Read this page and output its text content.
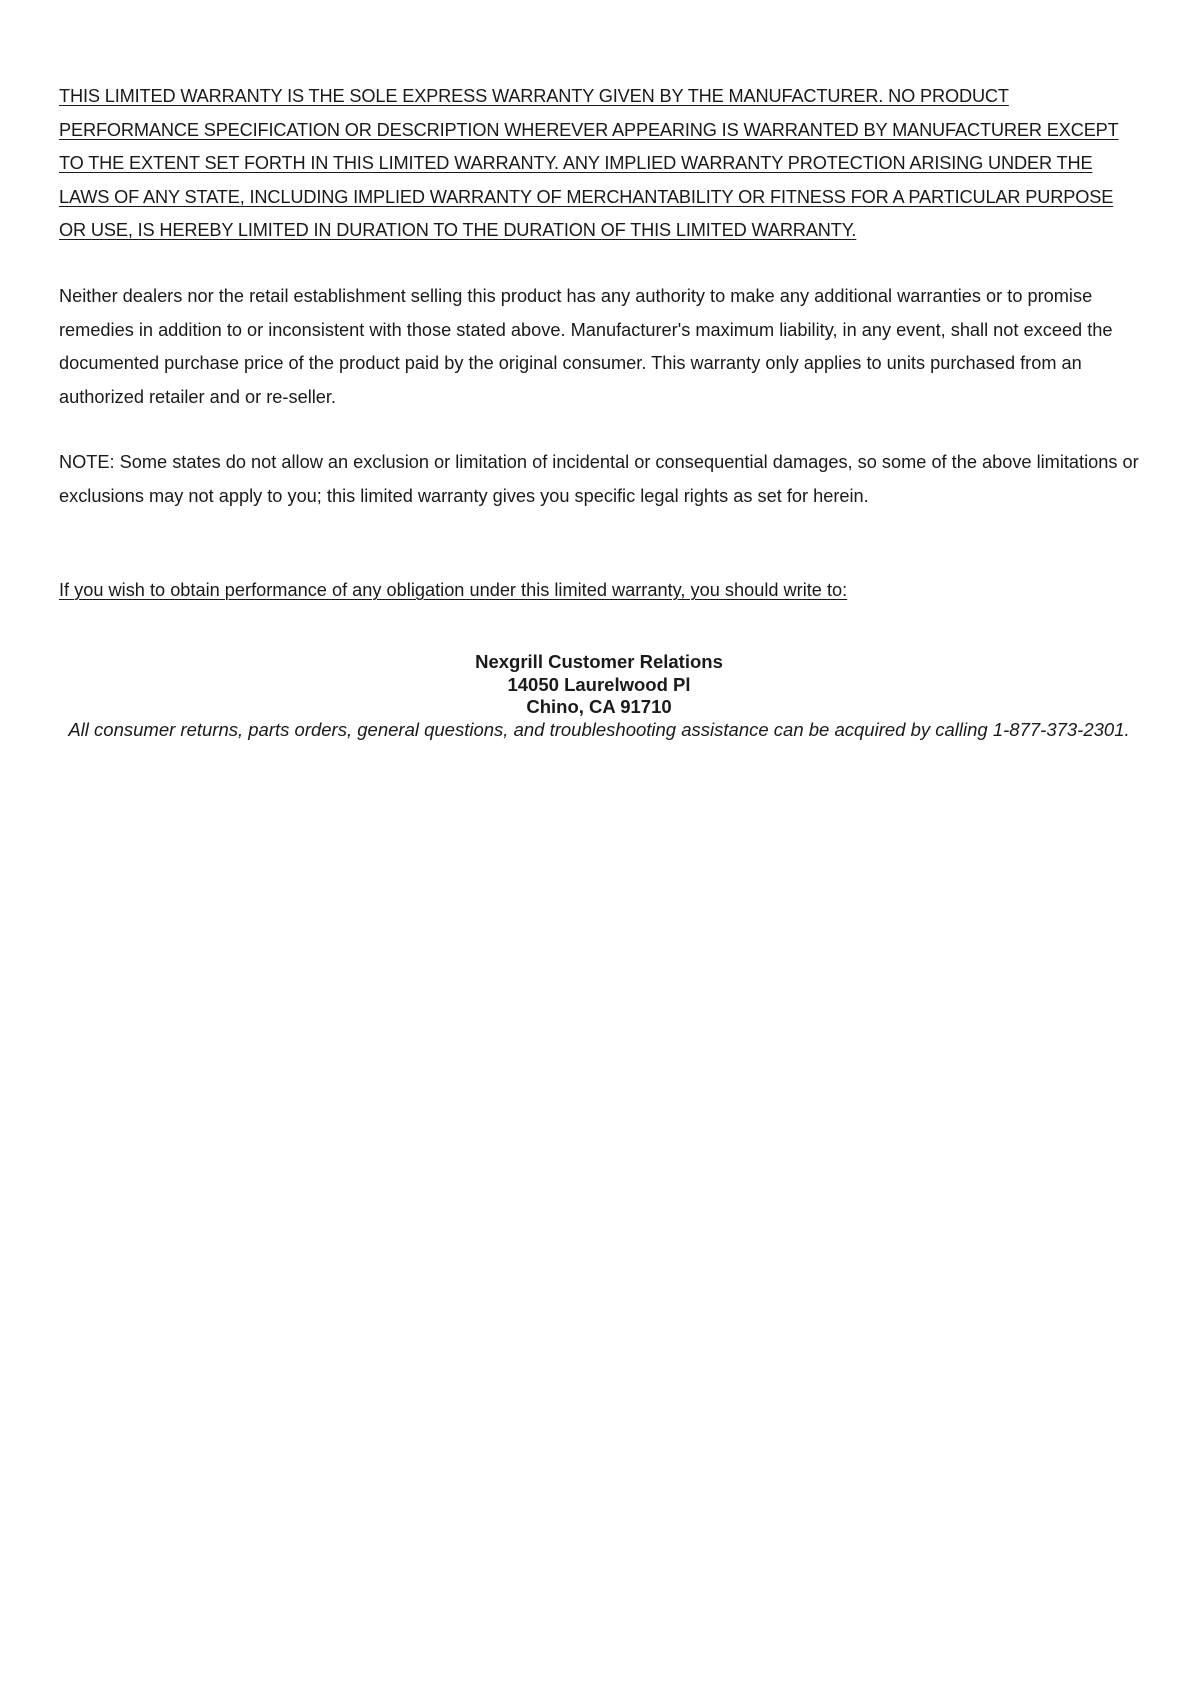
THIS LIMITED WARRANTY IS THE SOLE EXPRESS WARRANTY GIVEN BY THE MANUFACTURER. NO PRODUCT PERFORMANCE SPECIFICATION OR DESCRIPTION WHEREVER APPEARING IS WARRANTED BY MANUFACTURER EXCEPT TO THE EXTENT SET FORTH IN THIS LIMITED WARRANTY. ANY IMPLIED WARRANTY PROTECTION ARISING UNDER THE LAWS OF ANY STATE, INCLUDING IMPLIED WARRANTY OF MERCHANTABILITY OR FITNESS FOR A PARTICULAR PURPOSE OR USE, IS HEREBY LIMITED IN DURATION TO THE DURATION OF THIS LIMITED WARRANTY.

Neither dealers nor the retail establishment selling this product has any authority to make any additional warranties or to promise remedies in addition to or inconsistent with those stated above. Manufacturer's maximum liability, in any event, shall not exceed the documented purchase price of the product paid by the original consumer. This warranty only applies to units purchased from an authorized retailer and or re-seller.

NOTE: Some states do not allow an exclusion or limitation of incidental or consequential damages, so some of the above limitations or exclusions may not apply to you; this limited warranty gives you specific legal rights as set for herein.

If you wish to obtain performance of any obligation under this limited warranty, you should write to:

Nexgrill Customer Relations
14050 Laurelwood Pl
Chino, CA 91710
All consumer returns, parts orders, general questions, and troubleshooting assistance can be acquired by calling 1-877-373-2301.
